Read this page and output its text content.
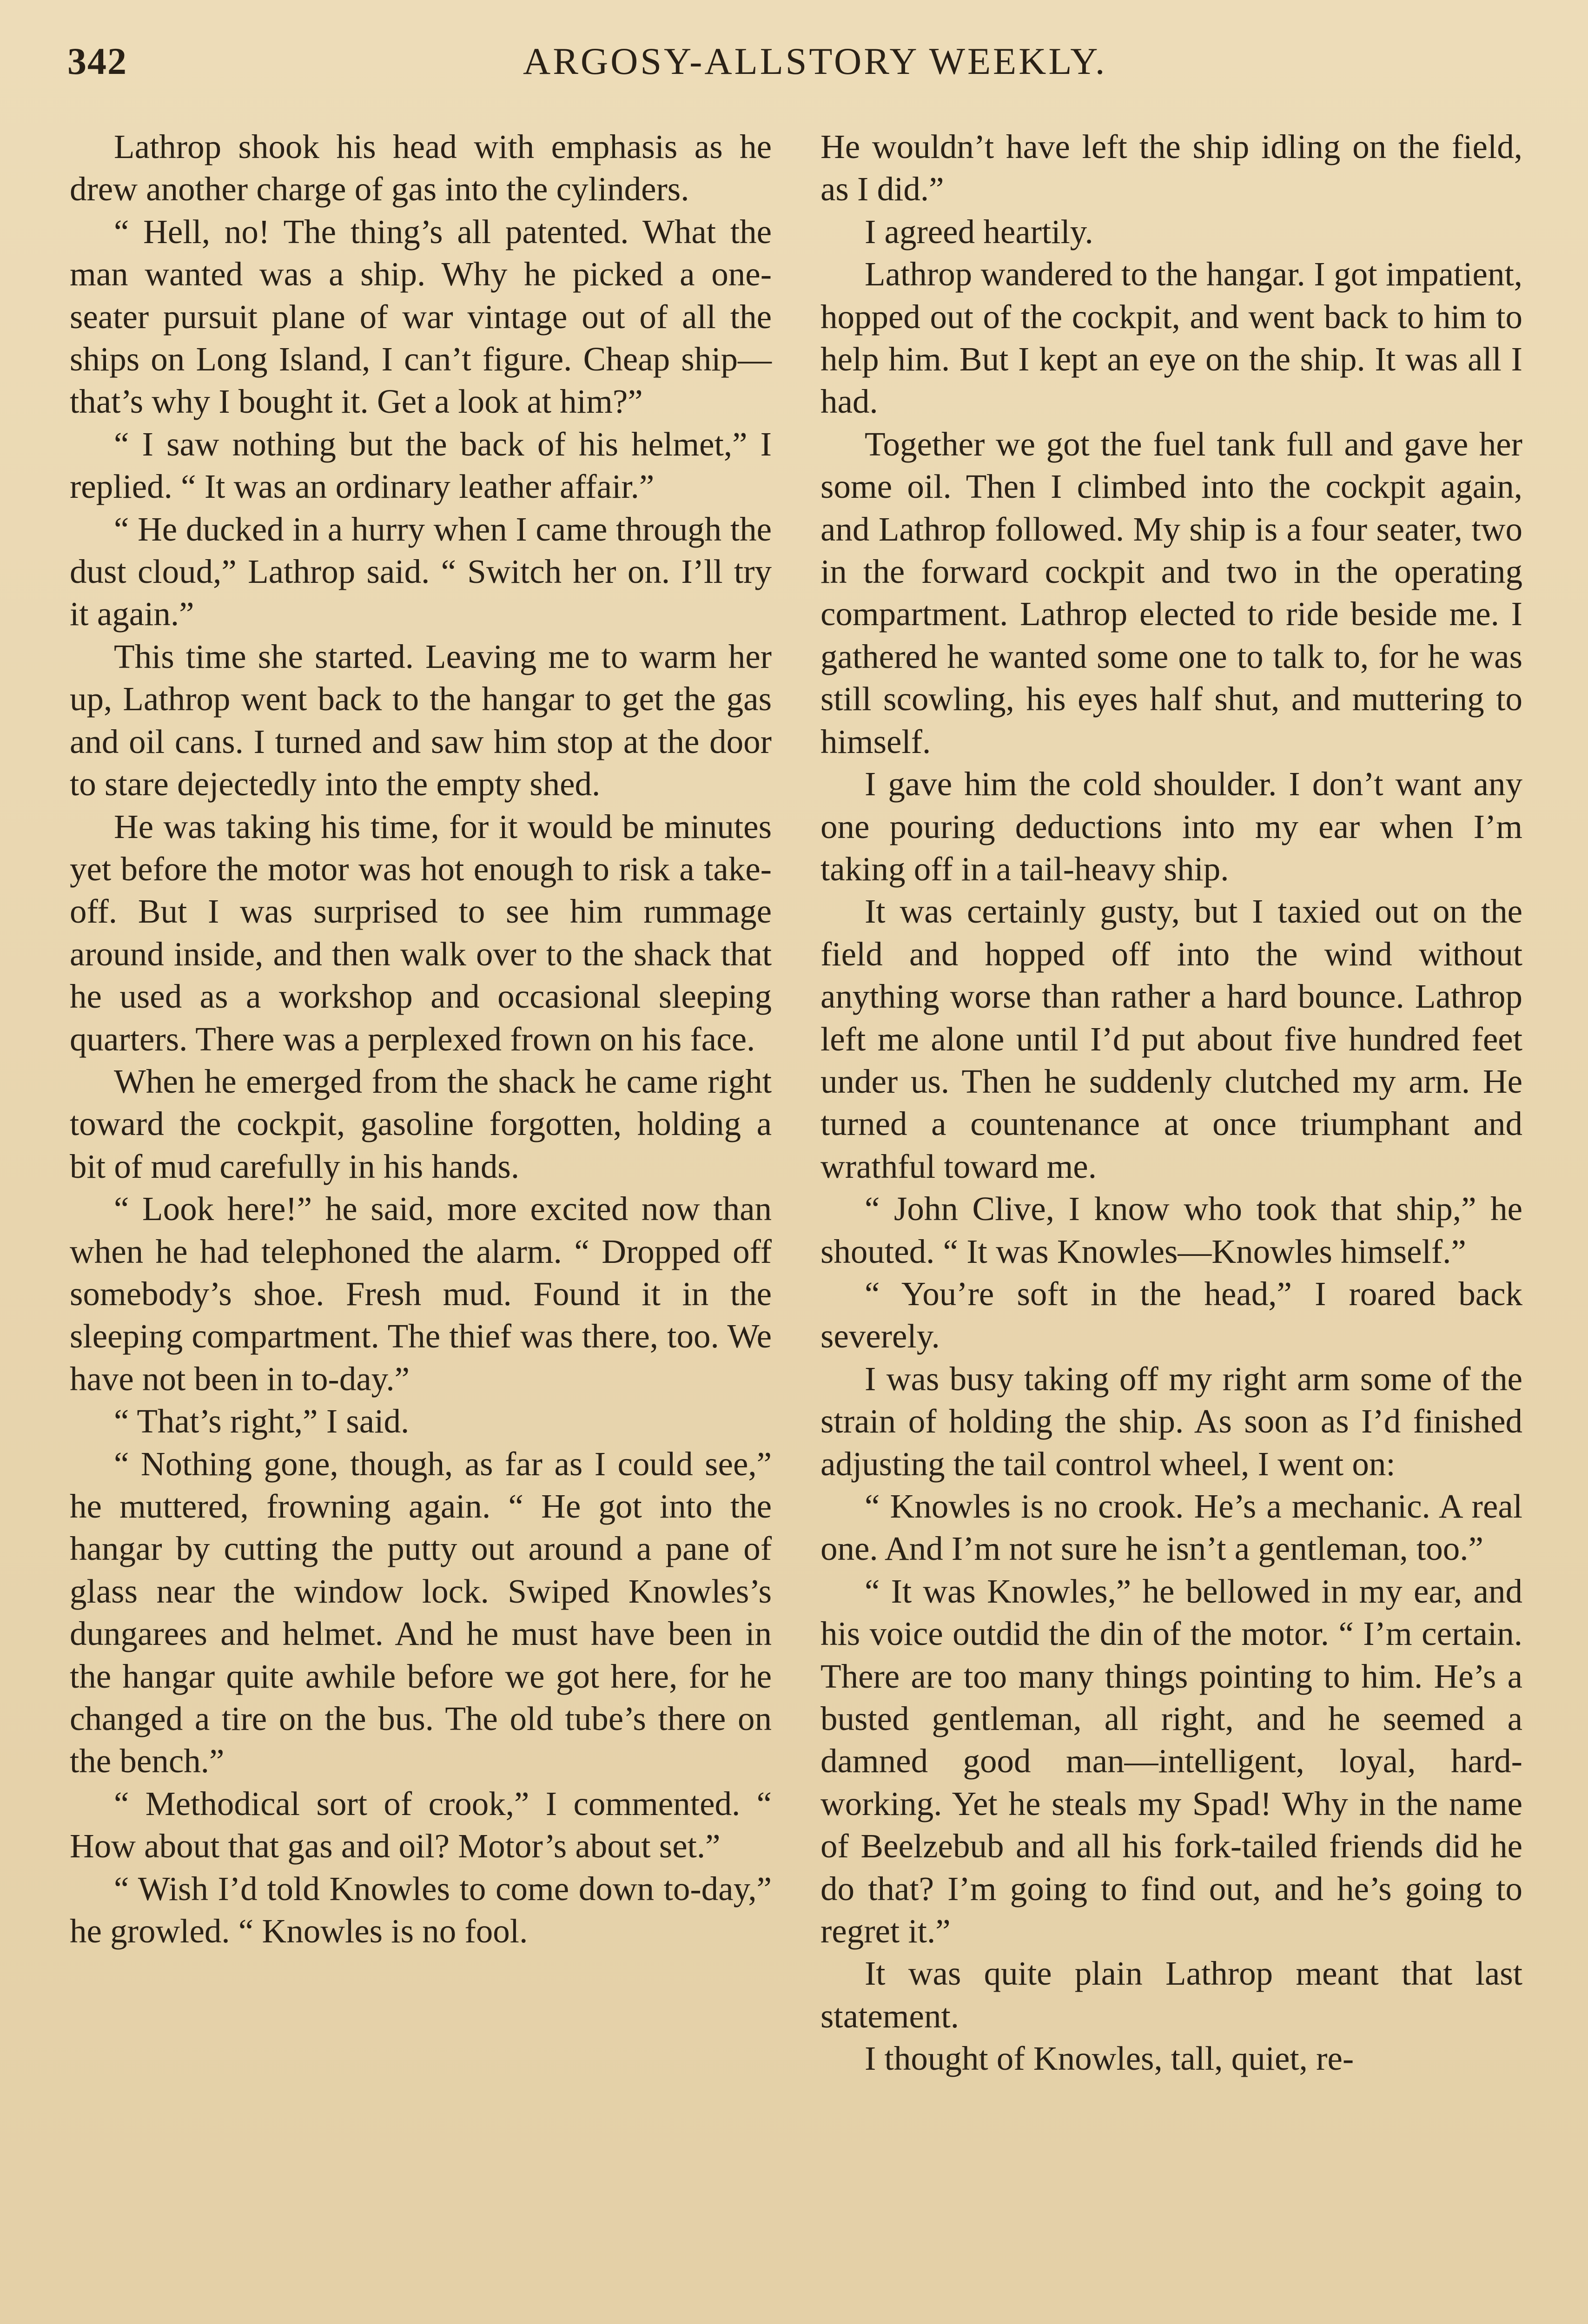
342	ARGOSY-ALLSTORY WEEKLY.

Lathrop shook his head with emphasis as he drew another charge of gas into the cylinders.

“ Hell, no! The thing’s all patented. What the man wanted was a ship. Why he picked a one-seater pursuit plane of war vintage out of all the ships on Long Island, I can’t figure. Cheap ship—that’s why I bought it. Get a look at him?”

“ I saw nothing but the back of his helmet,” I replied. “ It was an ordinary leather affair.”

“ He ducked in a hurry when I came through the dust cloud,” Lathrop said. “ Switch her on. I’ll try it again.”

This time she started. Leaving me to warm her up, Lathrop went back to the hangar to get the gas and oil cans. I turned and saw him stop at the door to stare dejectedly into the empty shed.

He was taking his time, for it would be minutes yet before the motor was hot enough to risk a take-off. But I was surprised to see him rummage around inside, and then walk over to the shack that he used as a workshop and occasional sleeping quarters. There was a perplexed frown on his face.

When he emerged from the shack he came right toward the cockpit, gasoline forgotten, holding a bit of mud carefully in his hands.

“ Look here!” he said, more excited now than when he had telephoned the alarm. “ Dropped off somebody’s shoe. Fresh mud. Found it in the sleeping compartment. The thief was there, too. We have not been in to-day.”

“ That’s right,” I said.

“ Nothing gone, though, as far as I could see,” he muttered, frowning again. “ He got into the hangar by cutting the putty out around a pane of glass near the window lock. Swiped Knowles’s dungarees and helmet. And he must have been in the hangar quite awhile before we got here, for he changed a tire on the bus. The old tube’s there on the bench.”

“ Methodical sort of crook,” I commented. “ How about that gas and oil? Motor’s about set.”

“ Wish I’d told Knowles to come down to-day,” he growled. “ Knowles is no fool.

He wouldn’t have left the ship idling on the field, as I did.”

I agreed heartily.

Lathrop wandered to the hangar. I got impatient, hopped out of the cockpit, and went back to him to help him. But I kept an eye on the ship. It was all I had.

Together we got the fuel tank full and gave her some oil. Then I climbed into the cockpit again, and Lathrop followed. My ship is a four seater, two in the forward cockpit and two in the operating compartment. Lathrop elected to ride beside me. I gathered he wanted some one to talk to, for he was still scowling, his eyes half shut, and muttering to himself.

I gave him the cold shoulder. I don’t want any one pouring deductions into my ear when I’m taking off in a tail-heavy ship.

It was certainly gusty, but I taxied out on the field and hopped off into the wind without anything worse than rather a hard bounce. Lathrop left me alone until I’d put about five hundred feet under us. Then he suddenly clutched my arm. He turned a countenance at once triumphant and wrathful toward me.

“ John Clive, I know who took that ship,” he shouted. “ It was Knowles—Knowles himself.”

“ You’re soft in the head,” I roared back severely.

I was busy taking off my right arm some of the strain of holding the ship. As soon as I’d finished adjusting the tail control wheel, I went on:

“ Knowles is no crook. He’s a mechanic. A real one. And I’m not sure he isn’t a gentleman, too.”

“ It was Knowles,” he bellowed in my ear, and his voice outdid the din of the motor. “ I’m certain. There are too many things pointing to him. He’s a busted gentleman, all right, and he seemed a damned good man—intelligent, loyal, hard-working. Yet he steals my Spad! Why in the name of Beelzebub and all his fork-tailed friends did he do that? I’m going to find out, and he’s going to regret it.”

It was quite plain Lathrop meant that last statement.

I thought of Knowles, tall, quiet, re-
